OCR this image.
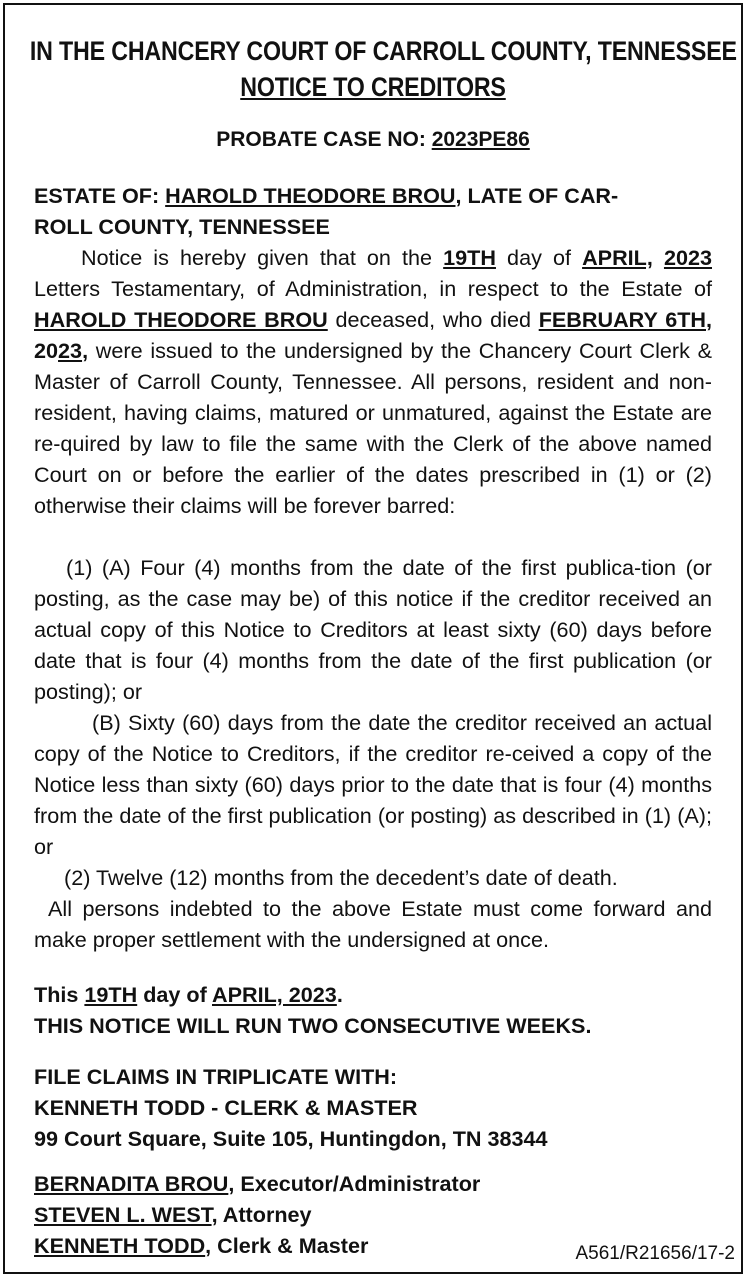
IN THE CHANCERY COURT OF CARROLL COUNTY, TENNESSEE
NOTICE TO CREDITORS
PROBATE CASE NO: 2023PE86
ESTATE OF: HAROLD THEODORE BROU, LATE OF CAR-
ROLL COUNTY, TENNESSEE
Notice is hereby given that on the 19TH day of APRIL, 2023 Letters Testamentary, of Administration, in respect to the Estate of HAROLD THEODORE BROU deceased, who died FEBRUARY 6TH, 2023, were issued to the undersigned by the Chancery Court Clerk & Master of Carroll County, Tennessee. All persons, resident and non-resident, having claims, matured or unmatured, against the Estate are re-quired by law to file the same with the Clerk of the above named Court on or before the earlier of the dates prescribed in (1) or (2) otherwise their claims will be forever barred:
(1) (A) Four (4) months from the date of the first publica-tion (or posting, as the case may be) of this notice if the creditor received an actual copy of this Notice to Creditors at least sixty (60) days before date that is four (4) months from the date of the first publication (or posting); or
(B) Sixty (60) days from the date the creditor received an actual copy of the Notice to Creditors, if the creditor re-ceived a copy of the Notice less than sixty (60) days prior to the date that is four (4) months from the date of the first publication (or posting) as described in (1) (A); or
(2) Twelve (12) months from the decedent’s date of death.
All persons indebted to the above Estate must come forward and make proper settlement with the undersigned at once.
This 19TH day of APRIL, 2023.
THIS NOTICE WILL RUN TWO CONSECUTIVE WEEKS.
FILE CLAIMS IN TRIPLICATE WITH:
KENNETH TODD - CLERK & MASTER
99 Court Square, Suite 105, Huntingdon, TN 38344
BERNADITA BROU, Executor/Administrator
STEVEN L. WEST, Attorney
KENNETH TODD, Clerk & Master	A561/R21656/17-2
